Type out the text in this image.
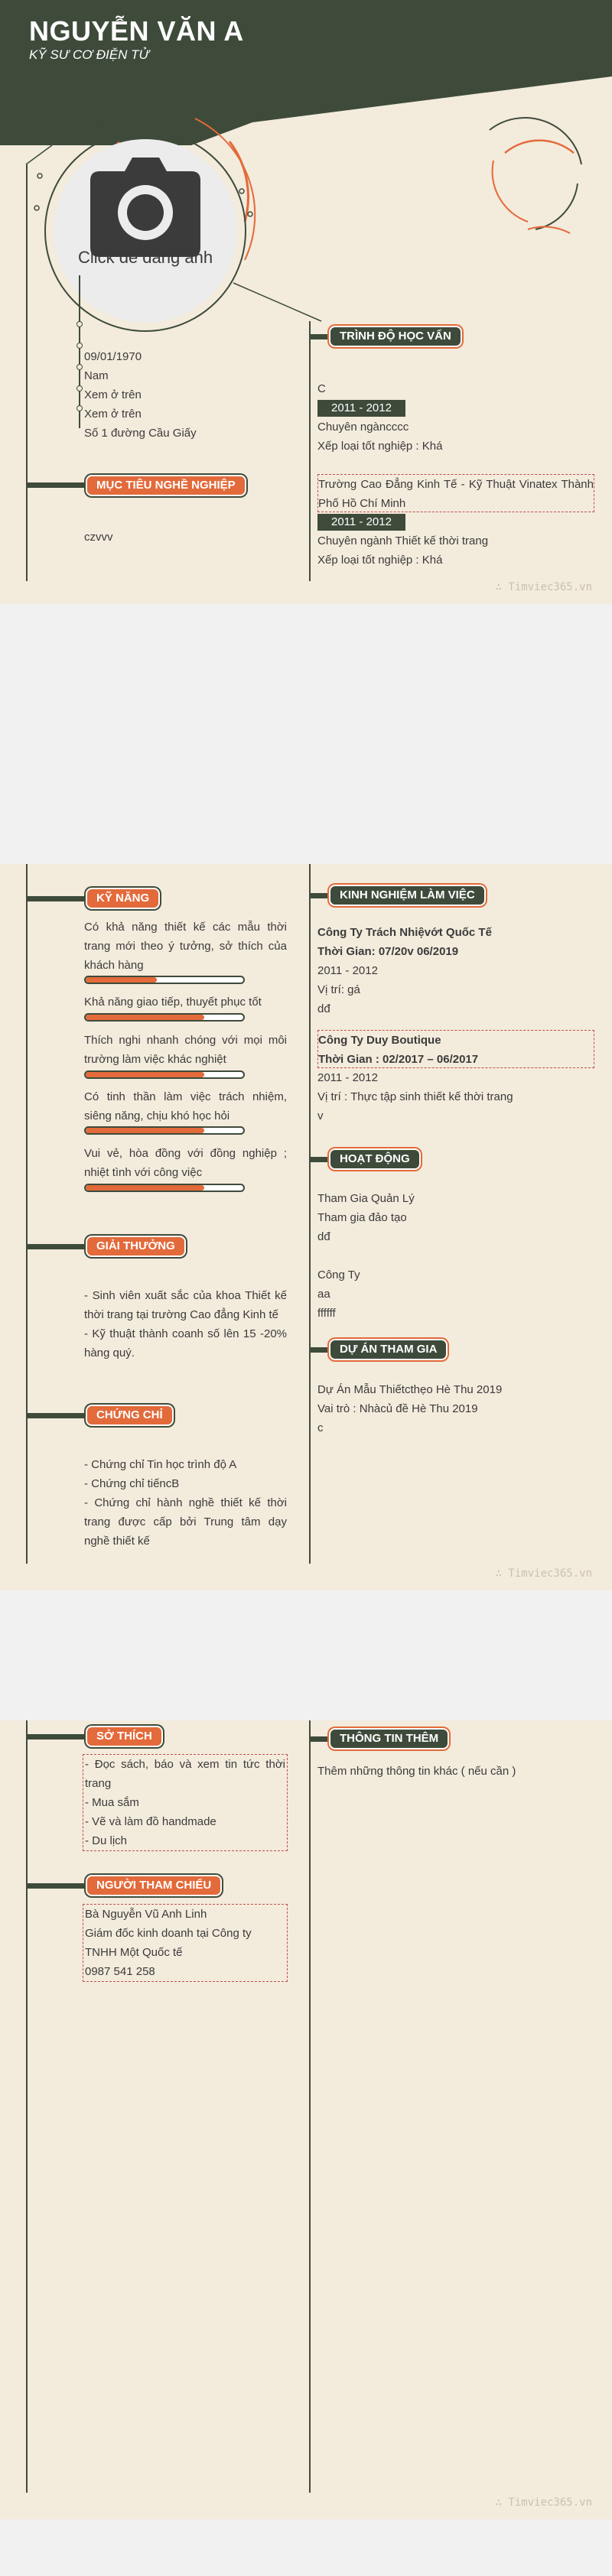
NGUYỄN VĂN A
KỸ SƯ CƠ ĐIỆN TỬ
Click để đăng ảnh
09/01/1970
Nam
Xem ở trên
Xem ở trên
Số 1 đường Cầu Giấy
MỤC TIÊU NGHỀ NGHIỆP
czvvv
TRÌNH ĐỘ HỌC VẤN
C
2011 - 2012
Chuyên ngàncccc
Xếp loại tốt nghiệp : Khá
Trường Cao Đẳng Kinh Tế - Kỹ Thuật Vinatex Thành Phố Hồ Chí Minh
2011 - 2012
Chuyên ngành Thiết kế thời trang
Xếp loại tốt nghiệp : Khá
∴ Timviec365.vn
KỸ NĂNG
Có khả năng thiết kế các mẫu thời trang mới theo ý tưởng, sở thích của khách hàng
Khả năng giao tiếp, thuyết phục tốt
Thích nghi nhanh chóng với mọi môi trường làm việc khác nghiệt
Có tinh thần làm việc trách nhiệm, siêng năng, chịu khó học hỏi
Vui vẻ, hòa đồng với đồng nghiệp ; nhiệt tình với công việc
GIẢI THƯỞNG
- Sinh viên xuất sắc của khoa Thiết kế thời trang tại trường Cao đẳng Kinh tế
- Kỹ thuật thành coanh số lên 15 -20% hàng quý.
CHỨNG CHỈ
- Chứng chỉ Tin học trình độ A
- Chứng chỉ tiếncB
- Chứng chỉ hành nghề thiết kế thời trang được cấp bởi Trung tâm dạy nghề thiết kế
KINH NGHIỆM LÀM VIỆC
Công Ty Trách Nhiệvớt Quốc Tế
Thời Gian: 07/20v 06/2019
2011 - 2012
Vị trí: gá
dđ
Công Ty Duy Boutique
Thời Gian : 02/2017 – 06/2017
2011 - 2012
Vị trí : Thực tập sinh thiết kế thời trang
v
HOẠT ĐỘNG
Tham Gia Quản Lý
Tham gia đảo tạo
dđ
Công Ty
aa
ffffff
DỰ ÁN THAM GIA
Dự Án Mẫu Thiếtcthẹo Hè Thu 2019
Vai trò : Nhàcủ đề Hè Thu 2019
c
∴ Timviec365.vn
SỞ THÍCH
- Đọc sách, báo và xem tin tức thời trang
- Mua sắm
- Vẽ và làm đồ handmade
- Du lịch
NGƯỜI THAM CHIẾU
Bà Nguyễn Vũ Anh Linh
Giám đốc kinh doanh tại Công ty TNHH Một Quốc tế
0987 541 258
THÔNG TIN THÊM
Thêm những thông tin khác ( nếu cần )
∴ Timviec365.vn
